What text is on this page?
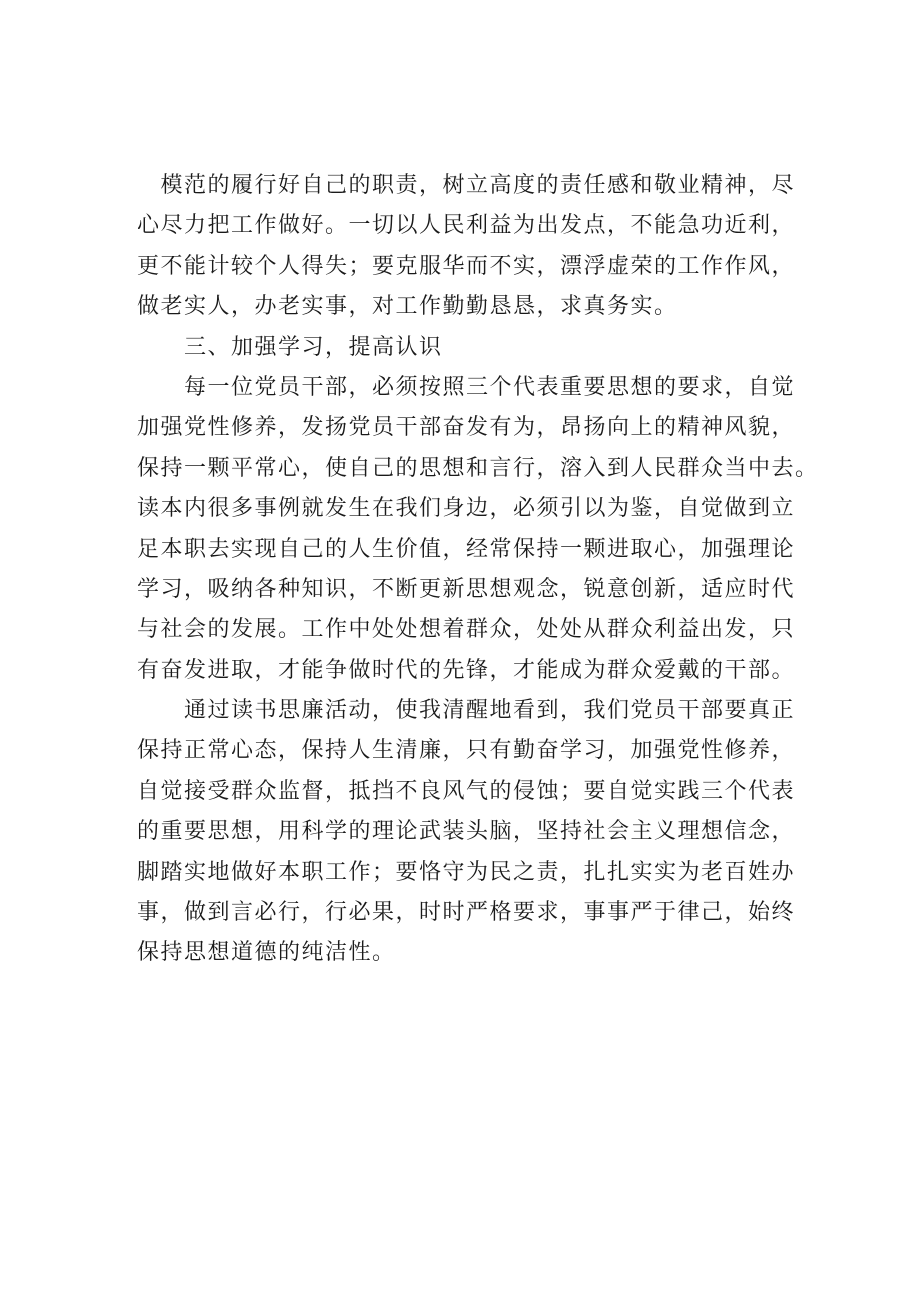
　模范的履行好自己的职责，树立高度的责任感和敬业精神，尽
心尽力把工作做好。一切以人民利益为出发点，不能急功近利，
更不能计较个人得失；要克服华而不实，漂浮虚荣的工作作风，
做老实人，办老实事，对工作勤勤恳恳，求真务实。
　　三、加强学习，提高认识
　　每一位党员干部，必须按照三个代表重要思想的要求，自觉
加强党性修养，发扬党员干部奋发有为，昂扬向上的精神风貌，
保持一颗平常心，使自己的思想和言行，溶入到人民群众当中去。
读本内很多事例就发生在我们身边，必须引以为鉴，自觉做到立
足本职去实现自己的人生价值，经常保持一颗进取心，加强理论
学习，吸纳各种知识，不断更新思想观念，锐意创新，适应时代
与社会的发展。工作中处处想着群众，处处从群众利益出发，只
有奋发进取，才能争做时代的先锋，才能成为群众爱戴的干部。
　　通过读书思廉活动，使我清醒地看到，我们党员干部要真正
保持正常心态，保持人生清廉，只有勤奋学习，加强党性修养，
自觉接受群众监督，抵挡不良风气的侵蚀；要自觉实践三个代表
的重要思想，用科学的理论武装头脑，坚持社会主义理想信念，
脚踏实地做好本职工作；要恪守为民之责，扎扎实实为老百姓办
事，做到言必行，行必果，时时严格要求，事事严于律己，始终
保持思想道德的纯洁性。
